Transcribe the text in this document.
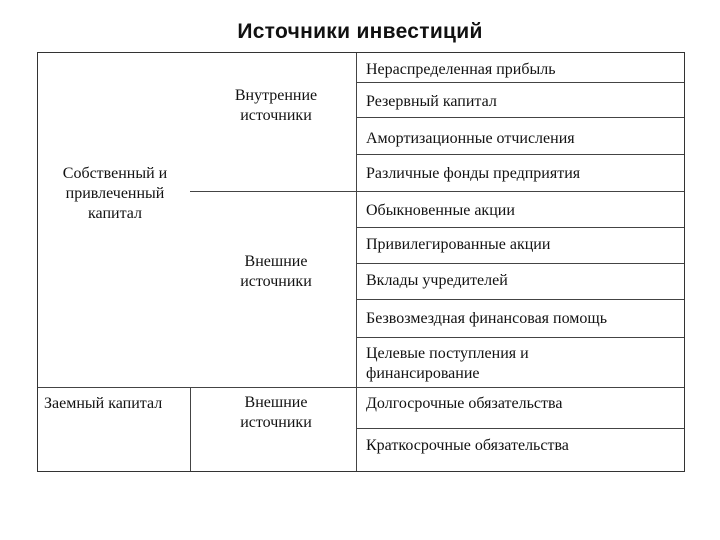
Источники инвестиций
Собственный и привлеченный капитал
Заемный капитал
Внутренние источники
Внешние источники
Внешние источники
Нераспределенная прибыль
Резервный капитал
Амортизационные отчисления
Различные фонды предприятия
Обыкновенные акции
Привилегированные акции
Вклады учредителей
Безвозмездная финансовая помощь
Целевые поступления и финансирование
Долгосрочные обязательства
Краткосрочные обязательства
